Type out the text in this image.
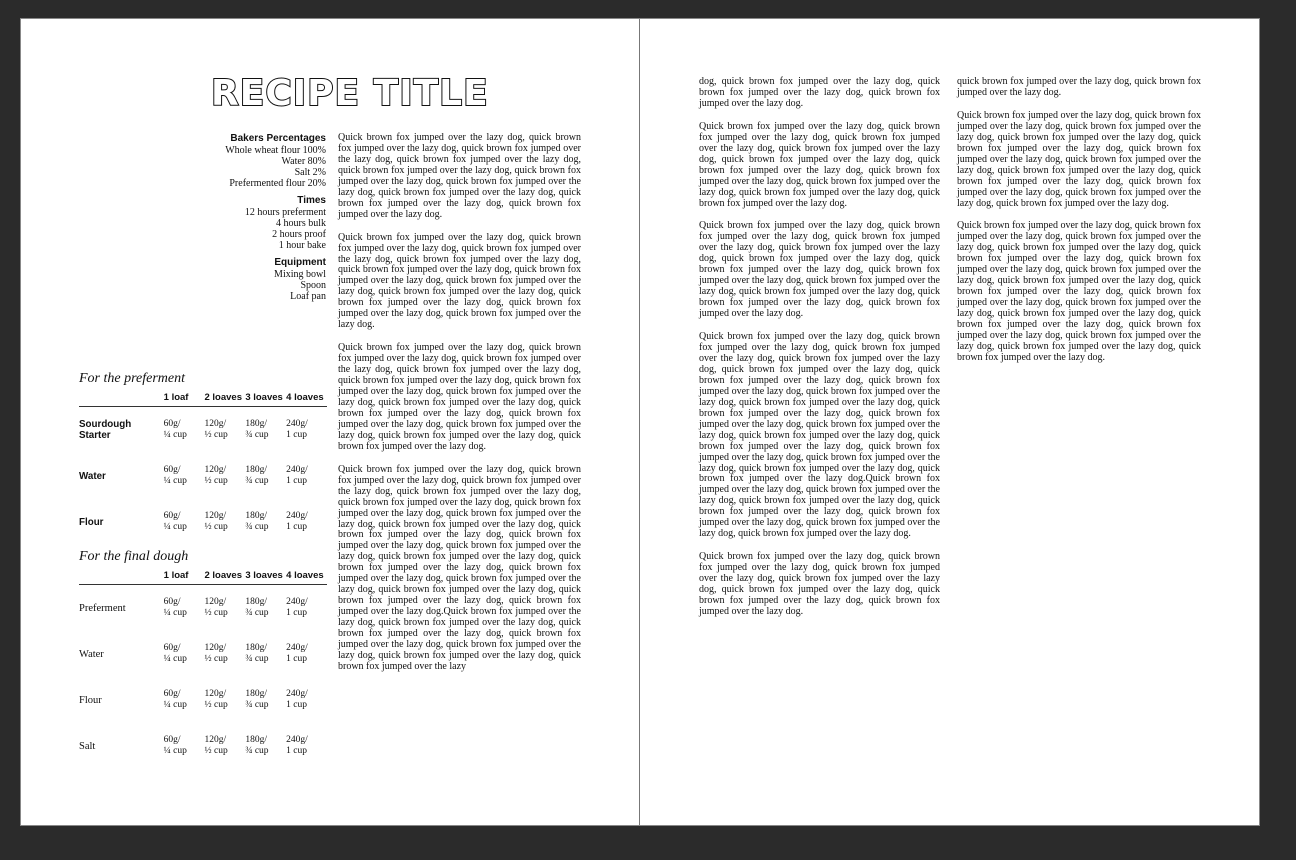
RECIPE TITLE
Bakers Percentages
Whole wheat flour 100%
Water 80%
Salt 2%
Prefermented flour 20%
Times
12 hours preferment
4 hours bulk
2 hours proof
1 hour bake
Equipment
Mixing bowl
Spoon
Loaf pan
For the preferment
1 loaf	2 loaves 3 loaves 4 loaves
Sourdough Starter
60g/
¼ cup
120g/
½ cup
180g/
¾ cup
240g/
1 cup
Water
60g/
¼ cup
120g/
½ cup
180g/
¾ cup
240g/
1 cup
Flour
60g/
¼ cup
120g/
½ cup
180g/
¾ cup
240g/
1 cup
For the final dough
1 loaf	2 loaves 3 loaves 4 loaves
Preferment
60g/
¼ cup
120g/
½ cup
180g/
¾ cup
240g/
1 cup
Water
60g/
¼ cup
120g/
½ cup
180g/
¾ cup
240g/
1 cup
Flour
60g/
¼ cup
120g/
½ cup
180g/
¾ cup
240g/
1 cup
Salt
60g/
¼ cup
120g/
½ cup
180g/
¾ cup
240g/
1 cup

Quick brown fox jumped over the lazy dog, quick brown fox jumped over the lazy dog, quick brown fox jumped over the lazy dog, quick brown fox jumped over the lazy dog, quick brown fox jumped over the lazy dog, quick brown fox jumped over the lazy dog, quick brown fox jumped over the lazy dog, quick brown fox jumped over the lazy dog, quick brown fox jumped over the lazy dog, quick brown fox jumped over the lazy dog.

Quick brown fox jumped over the lazy dog, quick brown fox jumped over the lazy dog, quick brown fox jumped over the lazy dog, quick brown fox jumped over the lazy dog, quick brown fox jumped over the lazy dog, quick brown fox jumped over the lazy dog, quick brown fox jumped over the lazy dog, quick brown fox jumped over the lazy dog, quick brown fox jumped over the lazy dog, quick brown fox jumped over the lazy dog, quick brown fox jumped over the lazy dog.

Quick brown fox jumped over the lazy dog, quick brown fox jumped over the lazy dog, quick brown fox jumped over the lazy dog, quick brown fox jumped over the lazy dog, quick brown fox jumped over the lazy dog, quick brown fox jumped over the lazy dog, quick brown fox jumped over the lazy dog, quick brown fox jumped over the lazy dog, quick brown fox jumped over the lazy dog, quick brown fox jumped over the lazy dog, quick brown fox jumped over the lazy dog, quick brown fox jumped over the lazy dog, quick brown fox jumped over the lazy dog.

Quick brown fox jumped over the lazy dog, quick brown fox jumped over the lazy dog, quick brown fox jumped over the lazy dog, quick brown fox jumped over the lazy dog, quick brown fox jumped over the lazy dog, quick brown fox jumped over the lazy dog, quick brown fox jumped over the lazy dog, quick brown fox jumped over the lazy dog, quick brown fox jumped over the lazy dog, quick brown fox jumped over the lazy dog, quick brown fox jumped over the lazy dog, quick brown fox jumped over the lazy dog, quick brown fox jumped over the lazy dog, quick brown fox jumped over the lazy dog, quick brown fox jumped over the lazy dog, quick brown fox jumped over the lazy dog, quick brown fox jumped over the lazy dog, quick brown fox jumped over the lazy dog.Quick brown fox jumped over the lazy dog, quick brown fox jumped over the lazy dog, quick brown fox jumped over the lazy dog, quick brown fox jumped over the lazy dog, quick brown fox jumped over the lazy dog, quick brown fox jumped over the lazy dog, quick brown fox jumped over the lazy

dog, quick brown fox jumped over the lazy dog, quick brown fox jumped over the lazy dog, quick brown fox jumped over the lazy dog.

Quick brown fox jumped over the lazy dog, quick brown fox jumped over the lazy dog, quick brown fox jumped over the lazy dog, quick brown fox jumped over the lazy dog, quick brown fox jumped over the lazy dog, quick brown fox jumped over the lazy dog, quick brown fox jumped over the lazy dog, quick brown fox jumped over the lazy dog, quick brown fox jumped over the lazy dog, quick brown fox jumped over the lazy dog.

Quick brown fox jumped over the lazy dog, quick brown fox jumped over the lazy dog, quick brown fox jumped over the lazy dog, quick brown fox jumped over the lazy dog, quick brown fox jumped over the lazy dog, quick brown fox jumped over the lazy dog, quick brown fox jumped over the lazy dog, quick brown fox jumped over the lazy dog, quick brown fox jumped over the lazy dog, quick brown fox jumped over the lazy dog, quick brown fox jumped over the lazy dog.

Quick brown fox jumped over the lazy dog, quick brown fox jumped over the lazy dog, quick brown fox jumped over the lazy dog, quick brown fox jumped over the lazy dog, quick brown fox jumped over the lazy dog, quick brown fox jumped over the lazy dog, quick brown fox jumped over the lazy dog, quick brown fox jumped over the lazy dog, quick brown fox jumped over the lazy dog, quick brown fox jumped over the lazy dog, quick brown fox jumped over the lazy dog, quick brown fox jumped over the lazy dog, quick brown fox jumped over the lazy dog, quick brown fox jumped over the lazy dog, quick brown fox jumped over the lazy dog, quick brown fox jumped over the lazy dog, quick brown fox jumped over the lazy dog, quick brown fox jumped over the lazy dog.Quick brown fox jumped over the lazy dog, quick brown fox jumped over the lazy dog, quick brown fox jumped over the lazy dog, quick brown fox jumped over the lazy dog, quick brown fox jumped over the lazy dog, quick brown fox jumped over the lazy dog, quick brown fox jumped over the lazy dog.

Quick brown fox jumped over the lazy dog, quick brown fox jumped over the lazy dog, quick brown fox jumped over the lazy dog, quick brown fox jumped over the lazy dog, quick brown fox jumped over the lazy dog, quick brown fox jumped over the lazy dog, quick brown fox jumped over the lazy dog.

quick brown fox jumped over the lazy dog, quick brown fox jumped over the lazy dog.

Quick brown fox jumped over the lazy dog, quick brown fox jumped over the lazy dog, quick brown fox jumped over the lazy dog, quick brown fox jumped over the lazy dog, quick brown fox jumped over the lazy dog, quick brown fox jumped over the lazy dog, quick brown fox jumped over the lazy dog, quick brown fox jumped over the lazy dog, quick brown fox jumped over the lazy dog, quick brown fox jumped over the lazy dog, quick brown fox jumped over the lazy dog, quick brown fox jumped over the lazy dog.

Quick brown fox jumped over the lazy dog, quick brown fox jumped over the lazy dog, quick brown fox jumped over the lazy dog, quick brown fox jumped over the lazy dog, quick brown fox jumped over the lazy dog, quick brown fox jumped over the lazy dog, quick brown fox jumped over the lazy dog, quick brown fox jumped over the lazy dog, quick brown fox jumped over the lazy dog, quick brown fox jumped over the lazy dog, quick brown fox jumped over the lazy dog, quick brown fox jumped over the lazy dog, quick brown fox jumped over the lazy dog, quick brown fox jumped over the lazy dog, quick brown fox jumped over the lazy dog, quick brown fox jumped over the lazy dog, quick brown fox jumped over the lazy dog.
